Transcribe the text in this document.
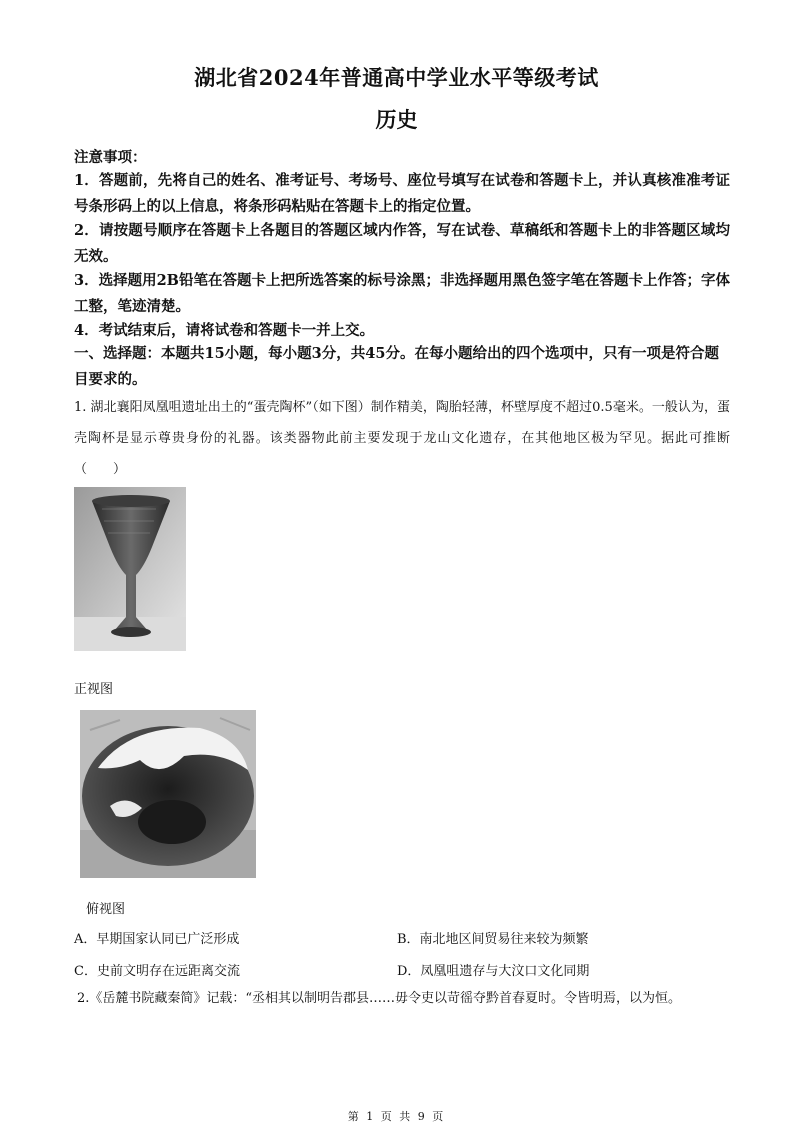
湖北省2024年普通高中学业水平等级考试
历史
注意事项：
1．答题前，先将自己的姓名、准考证号、考场号、座位号填写在试卷和答题卡上，并认真核准准考证号条形码上的以上信息，将条形码粘贴在答题卡上的指定位置。
2．请按题号顺序在答题卡上各题目的答题区域内作答，写在试卷、草稿纸和答题卡上的非答题区域均无效。
3．选择题用2B铅笔在答题卡上把所选答案的标号涂黑；非选择题用黑色签字笔在答题卡上作答；字体工整，笔迹清楚。
4．考试结束后，请将试卷和答题卡一并上交。
一、选择题：本题共15小题，每小题3分，共45分。在每小题给出的四个选项中，只有一项是符合题目要求的。
1. 湖北襄阳凤凰咀遗址出土的“蛋壳陶杯”（如下图）制作精美，陶胎轻薄，杯壁厚度不超过0.5毫米。一般认为，蛋壳陶杯是显示尊贵身份的礼器。该类器物此前主要发现于龙山文化遗存，在其他地区极为罕见。据此可推断（　　）
正视图
俯视图
A．早期国家认同已广泛形成	B．南北地区间贸易往来较为频繁
C．史前文明存在远距离交流	D．凤凰咀遗存与大汶口文化同期
2.《岳麓书院藏秦简》记载：“丞相其以制明告郡县……毋令吏以苛徭夺黔首春夏时。令皆明焉，以为恒。
第 1 页 共 9 页
